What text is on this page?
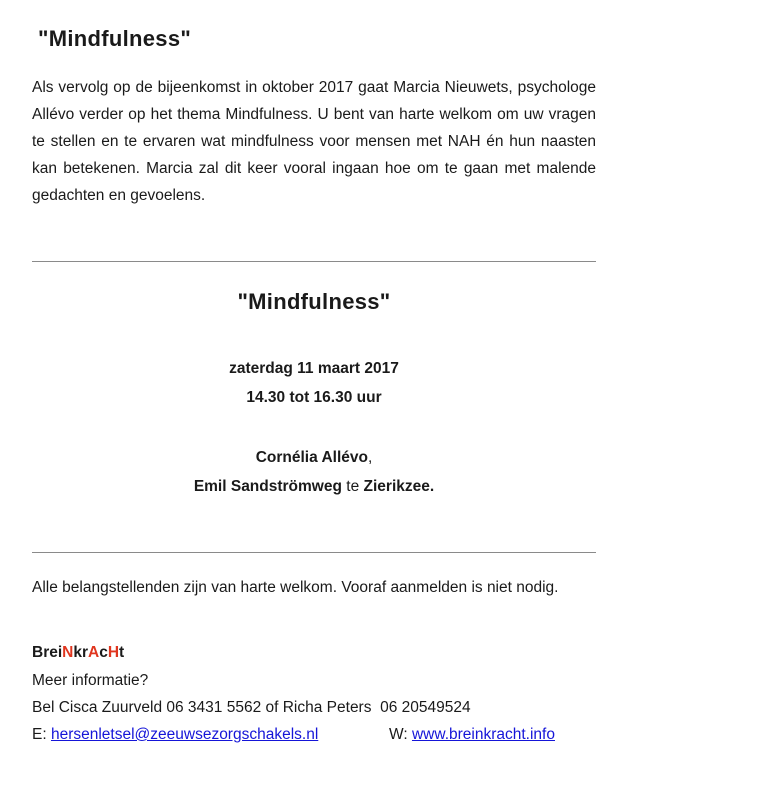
"Mindfulness"
Als vervolg op de bijeenkomst in oktober 2017 gaat Marcia Nieuwets, psychologe Allévo verder op het thema Mindfulness. U bent van harte welkom om uw vragen te stellen en te ervaren wat mindfulness voor mensen met NAH én hun naasten kan betekenen. Marcia zal dit keer vooral ingaan hoe om te gaan met malende gedachten en gevoelens.
"Mindfulness"
zaterdag 11 maart 2017
14.30 tot 16.30 uur
Cornélia Allévo,
Emil Sandströmweg te Zierikzee.
Alle belangstellenden zijn van harte welkom. Vooraf aanmelden is niet nodig.
BreiNkrAcHt
Meer informatie?
Bel Cisca Zuurveld 06 3431 5562 of Richa Peters  06 20549524
E: hersenletsel@zeeuwsezorgschakels.nl	W: www.breinkracht.info
